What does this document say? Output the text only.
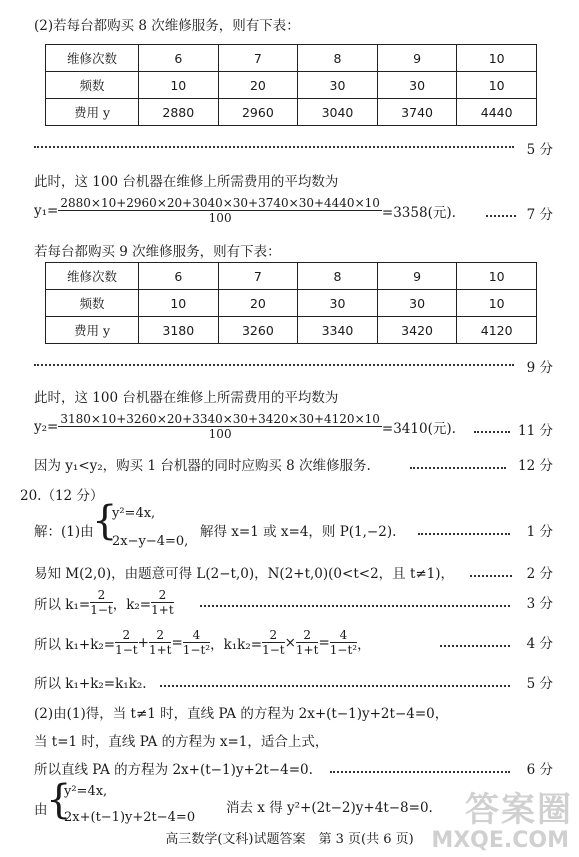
(2)若每台都购买 8 次维修服务，则有下表：
维修次数	6	7	8	9	10
频数	10	20	30	30	10
费用 y	2880	2960	3040	3740	4440
5 分
此时，这 100 台机器在维修上所需费用的平均数为
$y_1= \frac{2880\times 10+2960\times 20+3040\times 30+3740\times 30+4440\times 10}{100} =3358$(元).	7 分
若每台都购买 9 次维修服务，则有下表：
维修次数	6	7	8	9	10
频数	10	20	30	30	10
费用 y	3180	3260	3340	3420	4120
9 分
此时，这 100 台机器在维修上所需费用的平均数为
$y_2= \frac{3180\times 10+3260\times 20+3340\times 30+3420\times 30+4120\times 10}{100} =3410$(元).	11 分
因为 y₁<y₂，购买 1 台机器的同时应购买 8 次维修服务.	12 分
20.（12 分）
解：(1)由
{
y²=4x,
2x−y−4=0,
解得 x=1 或 x=4，则 P(1,−2).	1 分
易知 M(2,0)，由题意可得 L(2−t,0)，N(2+t,0)(0<t<2，且 t≠1)，	2 分
所以 $k_1= \frac{2}{1-t}$ ，$k_2= \frac{2}{1+t}$	3 分
所以 $k_1+k_2= \frac{2}{1-t} + \frac{2}{1+t} = \frac{4}{\text{1−t²}}$ ，$k_1k_2= \frac{2}{1-t} \times \frac{2}{1+t} = \frac{4}{\text{1−t²}}$ ，	4 分
所以 k₁+k₂=k₁k₂.	5 分
(2)由(1)得，当 t≠1 时，直线 PA 的方程为 2x+(t−1)y+2t−4=0，
当 t=1 时，直线 PA 的方程为 x=1，适合上式，
所以直线 PA 的方程为 2x+(t−1)y+2t−4=0.	6 分
由
{
y²=4x,
2x+(t−1)y+2t−4=0
消去 x 得 y²+(2t−2)y+4t−8=0.
高三数学(文科)试题答案　第 3 页(共 6 页)
答案圈
MXQE.COM
